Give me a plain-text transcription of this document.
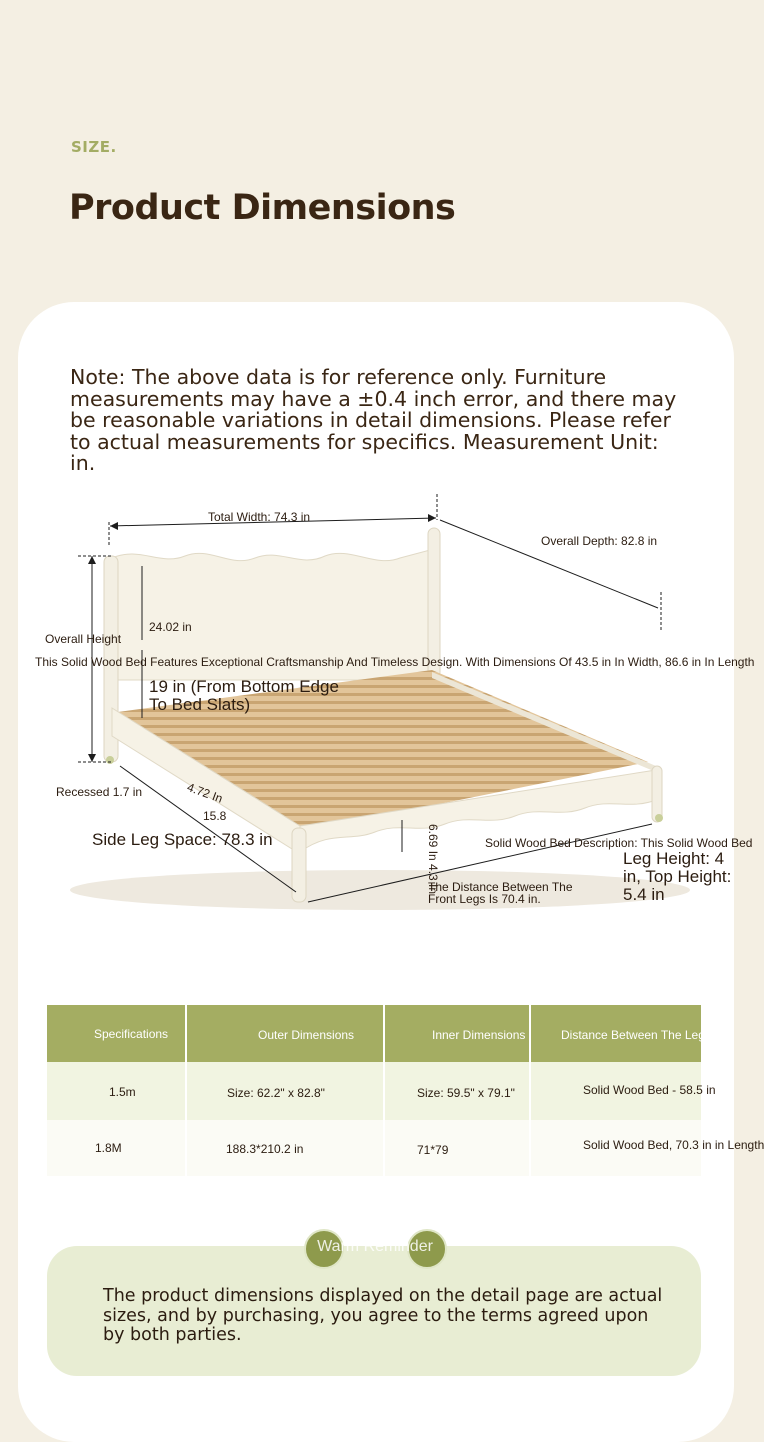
SIZE.
Product Dimensions
Note: The above data is for reference only. Furniture measurements may have a ±0.4 inch error, and there may be reasonable variations in detail dimensions. Please refer to actual measurements for specifics. Measurement Unit: in.
Total Width: 74.3 in
Overall Depth: 82.8 in
24.02 in
Overall Height
This Solid Wood Bed Features Exceptional Craftsmanship And Timeless Design. With Dimensions Of 43.5 in In Width, 86.6 in In Length
19 in (From Bottom Edge To Bed Slats)
Recessed 1.7 in	4.72 In
15.8
Side Leg Space: 78.3 in	6.69 In 4.3 In	Solid Wood Bed Description: This Solid Wood Bed
The Distance Between The Front Legs Is 70.4 in.
Leg Height: 4 in, Top Height: 5.4 in
Specifications	Outer Dimensions	Inner Dimensions	Distance Between The Legs
1.5m	Size: 62.2" x 82.8"	Size: 59.5" x 79.1"	Solid Wood Bed - 58.5 in
1.8M	188.3*210.2 in	71*79	Solid Wood Bed, 70.3 in in Length
Warm Reminder
The product dimensions displayed on the detail page are actual sizes, and by purchasing, you agree to the terms agreed upon by both parties.
